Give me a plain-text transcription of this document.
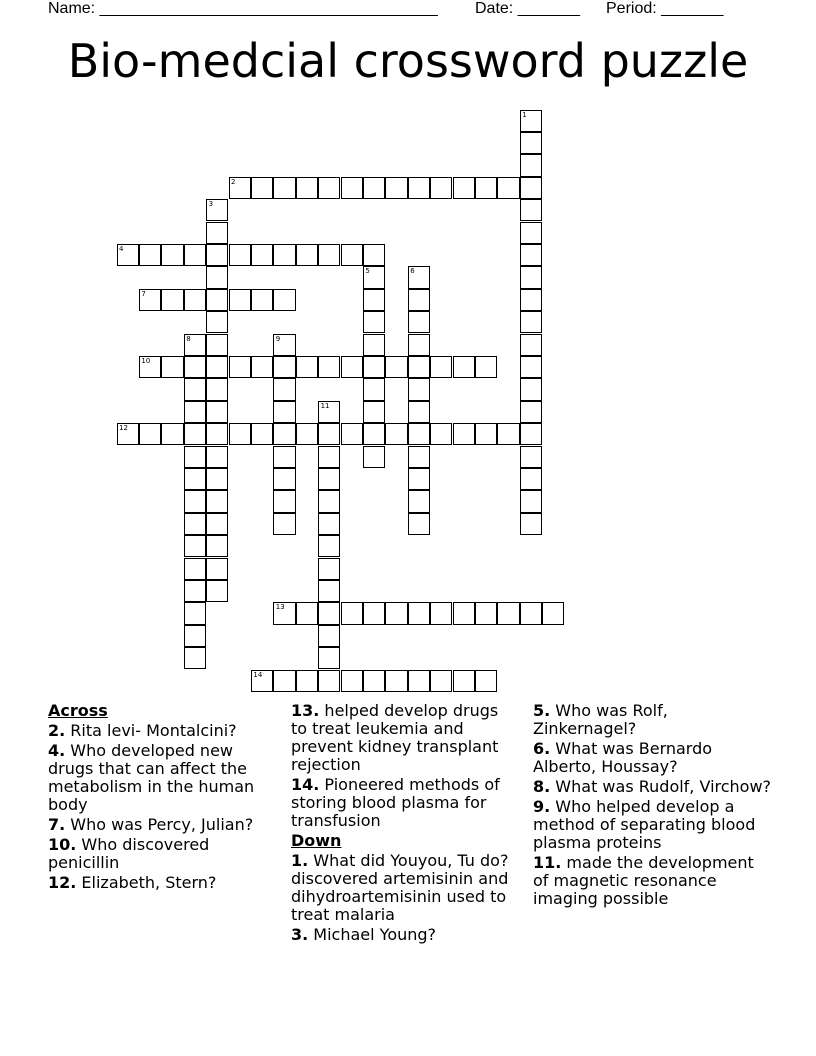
Name: ______________________________________ Date: _______ Period: _______
Bio-medcial crossword puzzle
1
2
3
4
5	6
7
8	9
10
11
12
13
14
Across
2. Rita levi- Montalcini?
4. Who developed new drugs that can affect the metabolism in the human body
7. Who was Percy, Julian?
10. Who discovered penicillin
12. Elizabeth, Stern?
13. helped develop drugs to treat leukemia and prevent kidney transplant rejection
14. Pioneered methods of storing blood plasma for transfusion
Down
1. What did Youyou, Tu do? discovered artemisinin and dihydroartemisinin used to treat malaria
3. Michael Young?
5. Who was Rolf, Zinkernagel?
6. What was Bernardo Alberto, Houssay?
8. What was Rudolf, Virchow?
9. Who helped develop a method of separating blood plasma proteins
11. made the development of magnetic resonance imaging possible
